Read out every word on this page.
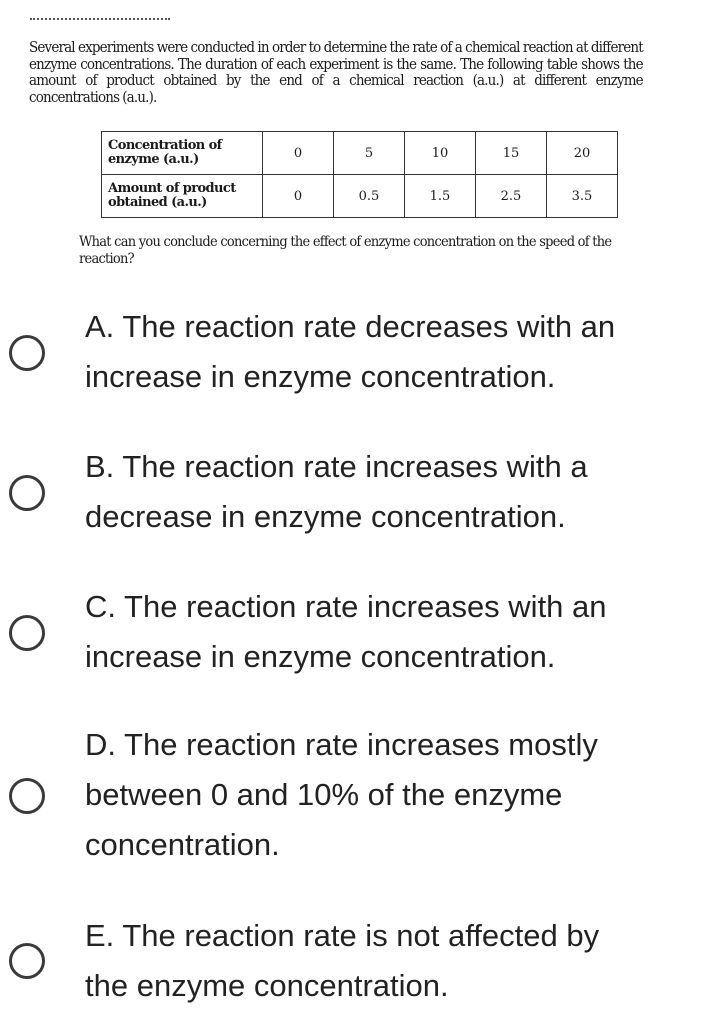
Several experiments were conducted in order to determine the rate of a chemical reaction at different enzyme concentrations. The duration of each experiment is the same. The following table shows the amount of product obtained by the end of a chemical reaction (a.u.) at different enzyme concentrations (a.u.).
Concentration of enzyme (a.u.)	0	5	10	15	20
Amount of product obtained (a.u.)	0	0.5	1.5	2.5	3.5
What can you conclude concerning the effect of enzyme concentration on the speed of the reaction?
A. The reaction rate decreases with an
increase in enzyme concentration.
B. The reaction rate increases with a
decrease in enzyme concentration.
C. The reaction rate increases with an
increase in enzyme concentration.
D. The reaction rate increases mostly
between 0 and 10% of the enzyme
concentration.
E. The reaction rate is not affected by
the enzyme concentration.
